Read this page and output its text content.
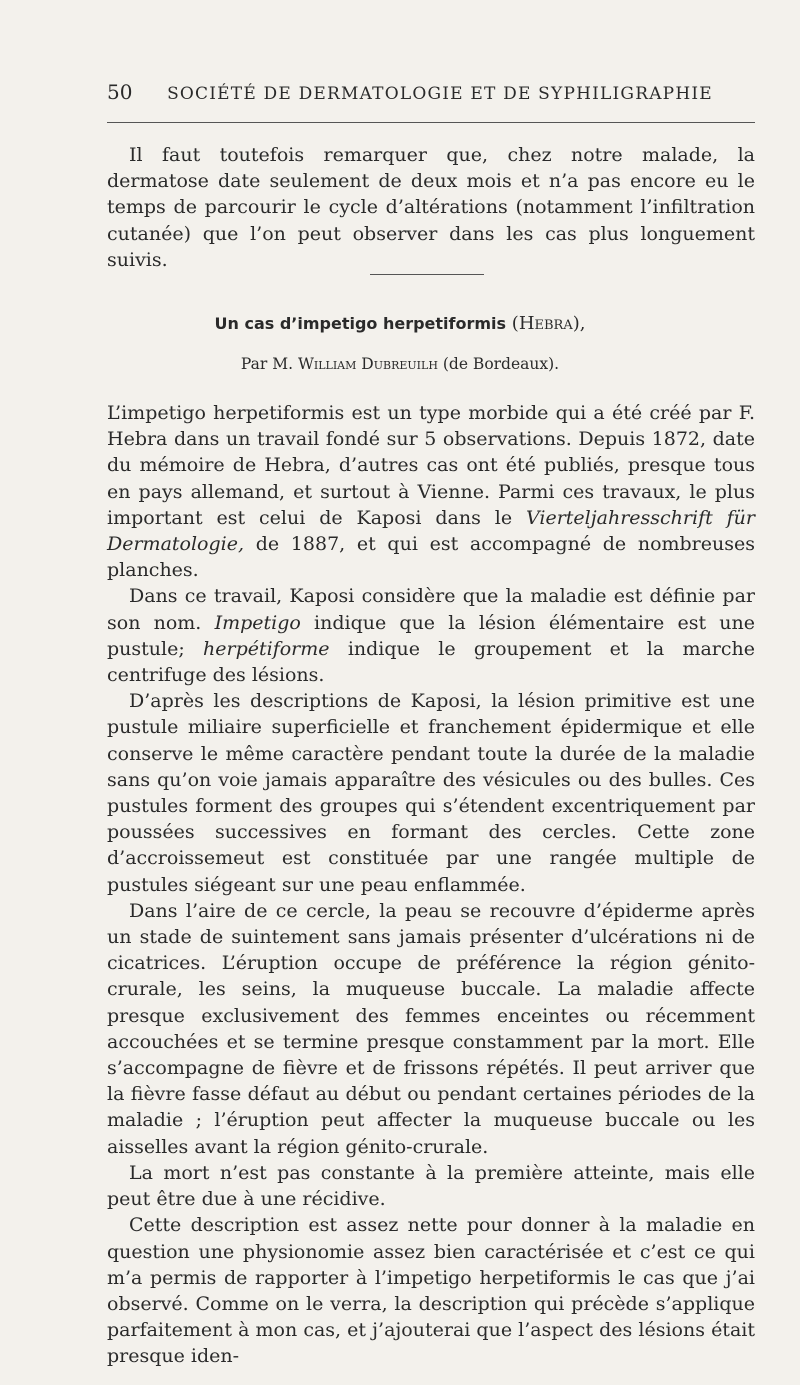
50 SOCIÉTÉ DE DERMATOLOGIE ET DE SYPHILIGRAPHIE

Il faut toutefois remarquer que, chez notre malade, la dermatose date seulement de deux mois et n’a pas encore eu le temps de parcourir le cycle d’altérations (notamment l’infiltration cutanée) que l’on peut observer dans les cas plus longuement suivis.

Un cas d’impetigo herpetiformis (Hebra),
Par M. William Dubreuilh (de Bordeaux).

L’impetigo herpetiformis est un type morbide qui a été créé par F. Hebra dans un travail fondé sur 5 observations. Depuis 1872, date du mémoire de Hebra, d’autres cas ont été publiés, presque tous en pays allemand, et surtout à Vienne. Parmi ces travaux, le plus important est celui de Kaposi dans le Vierteljahresschrift für Dermatologie, de 1887, et qui est accompagné de nombreuses planches.

Dans ce travail, Kaposi considère que la maladie est définie par son nom. Impetigo indique que la lésion élémentaire est une pustule; herpétiforme indique le groupement et la marche centrifuge des lésions.

D’après les descriptions de Kaposi, la lésion primitive est une pustule miliaire superficielle et franchement épidermique et elle conserve le même caractère pendant toute la durée de la maladie sans qu’on voie jamais apparaître des vésicules ou des bulles. Ces pustules forment des groupes qui s’étendent excentriquement par poussées successives en formant des cercles. Cette zone d’accroissemeut est constituée par une rangée multiple de pustules siégeant sur une peau enflammée.

Dans l’aire de ce cercle, la peau se recouvre d’épiderme après un stade de suintement sans jamais présenter d’ulcérations ni de cicatrices. L’éruption occupe de préférence la région génito-crurale, les seins, la muqueuse buccale. La maladie affecte presque exclusivement des femmes enceintes ou récemment accouchées et se termine presque constamment par la mort. Elle s’accompagne de fièvre et de frissons répétés. Il peut arriver que la fièvre fasse défaut au début ou pendant certaines périodes de la maladie ; l’éruption peut affecter la muqueuse buccale ou les aisselles avant la région génito-crurale.

La mort n’est pas constante à la première atteinte, mais elle peut être due à une récidive.

Cette description est assez nette pour donner à la maladie en question une physionomie assez bien caractérisée et c’est ce qui m’a permis de rapporter à l’impetigo herpetiformis le cas que j’ai observé. Comme on le verra, la description qui précède s’applique parfaitement à mon cas, et j’ajouterai que l’aspect des lésions était presque iden-
